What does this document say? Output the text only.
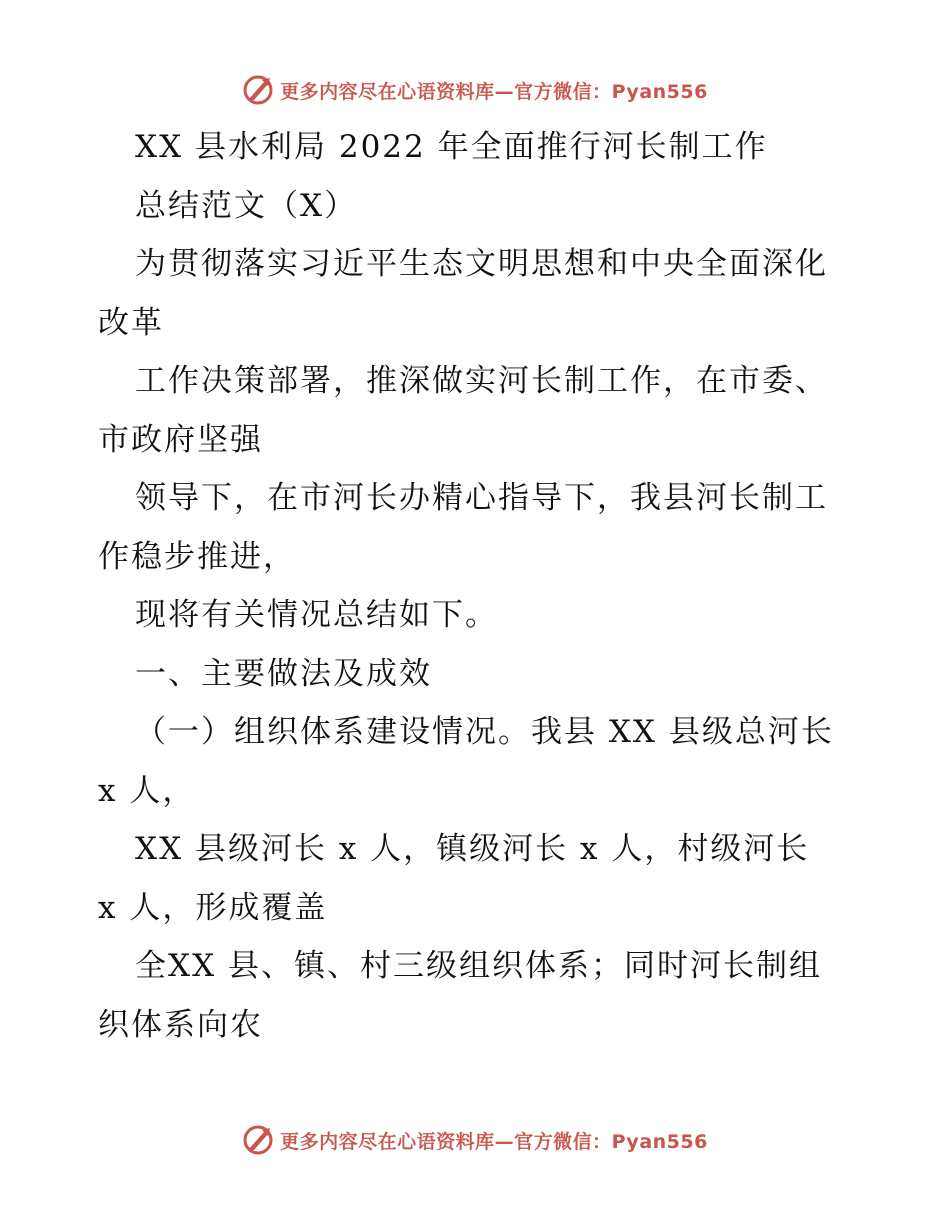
更多内容尽在心语资料库—官方微信：Pyan556
XX 县水利局 2022 年全面推行河长制工作
总结范文（X）
为贯彻落实习近平生态文明思想和中央全面深化
改革
工作决策部署，推深做实河长制工作，在市委、
市政府坚强
领导下，在市河长办精心指导下，我县河长制工
作稳步推进，
现将有关情况总结如下。
一、主要做法及成效
（一）组织体系建设情况。我县 XX 县级总河长
x 人，
XX 县级河长 x 人，镇级河长 x 人，村级河长
x 人，形成覆盖
全XX 县、镇、村三级组织体系；同时河长制组
织体系向农
更多内容尽在心语资料库—官方微信：Pyan556
